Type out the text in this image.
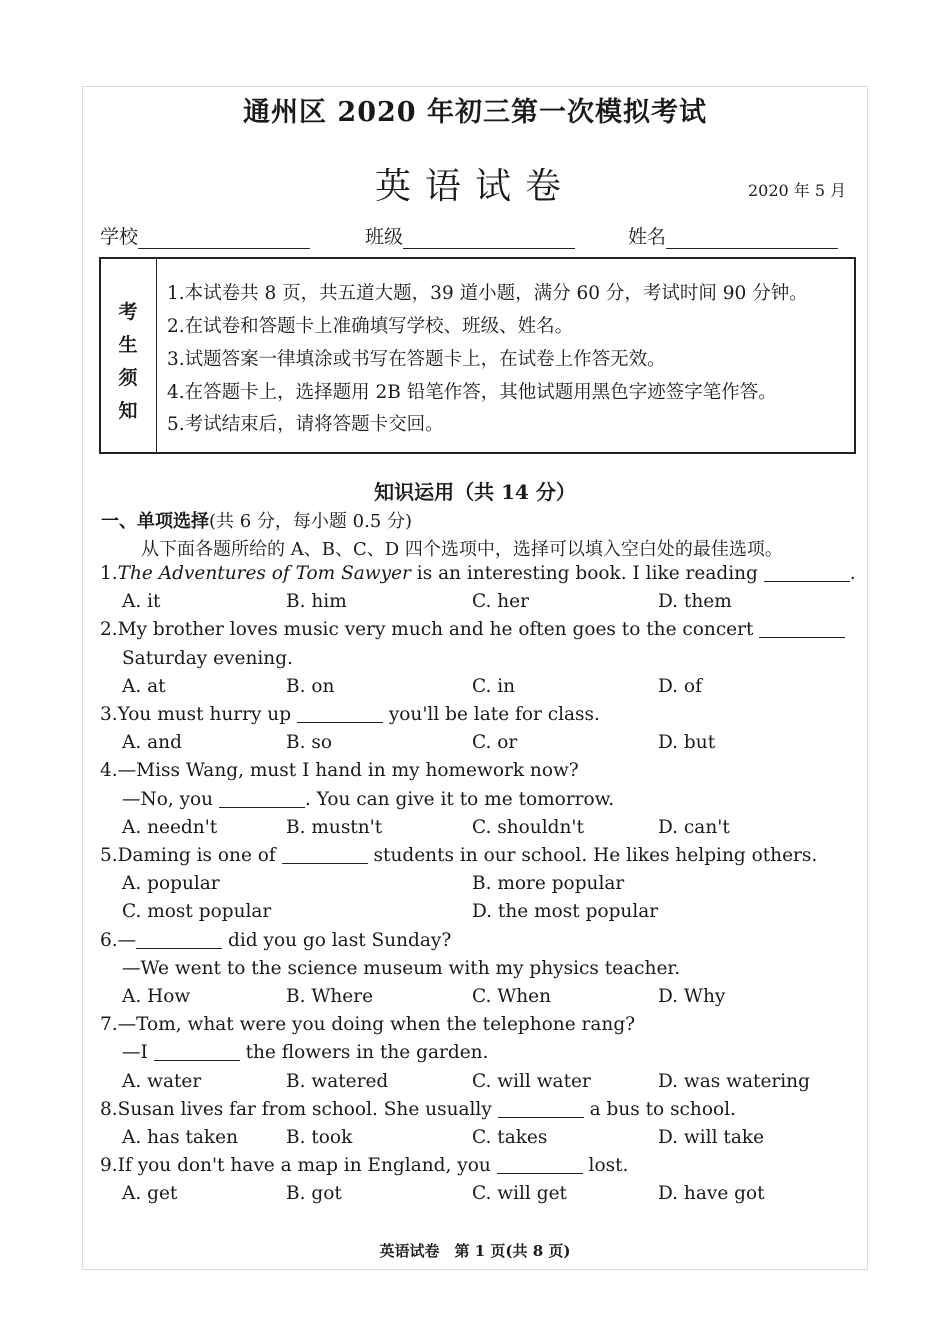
通州区 2020 年初三第一次模拟考试
英语试卷	2020 年 5 月
学校	班级	姓名
考
生
须
知
1.本试卷共 8 页，共五道大题，39 道小题，满分 60 分，考试时间 90 分钟。
2.在试卷和答题卡上准确填写学校、班级、姓名。
3.试题答案一律填涂或书写在答题卡上，在试卷上作答无效。
4.在答题卡上，选择题用 2B 铅笔作答，其他试题用黑色字迹签字笔作答。
5.考试结束后，请将答题卡交回。
知识运用（共 14 分）
一、单项选择(共 6 分，每小题 0.5 分)
从下面各题所给的 A、B、C、D 四个选项中，选择可以填入空白处的最佳选项。
1.The Adventures of Tom Sawyer is an interesting book. I like reading	.
A. it	B. him	C. her	D. them
2.My brother loves music very much and he often goes to the concert
Saturday evening.
A. at	B. on	C. in	D. of
3.You must hurry up	you'll be late for class.
A. and	B. so	C. or	D. but
4.—Miss Wang, must I hand in my homework now?
—No, you	. You can give it to me tomorrow.
A. needn't	B. mustn't	C. shouldn't	D. can't
5.Daming is one of	students in our school. He likes helping others.
A. popular	B. more popular
C. most popular	D. the most popular
6.—	did you go last Sunday?
—We went to the science museum with my physics teacher.
A. How	B. Where	C. When	D. Why
7.—Tom, what were you doing when the telephone rang?
—I	the flowers in the garden.
A. water	B. watered	C. will water	D. was watering
8.Susan lives far from school. She usually	a bus to school.
A. has taken	B. took	C. takes	D. will take
9.If you don't have a map in England, you	lost.
A. get	B. got	C. will get	D. have got
英语试卷　第 1 页(共 8 页)
